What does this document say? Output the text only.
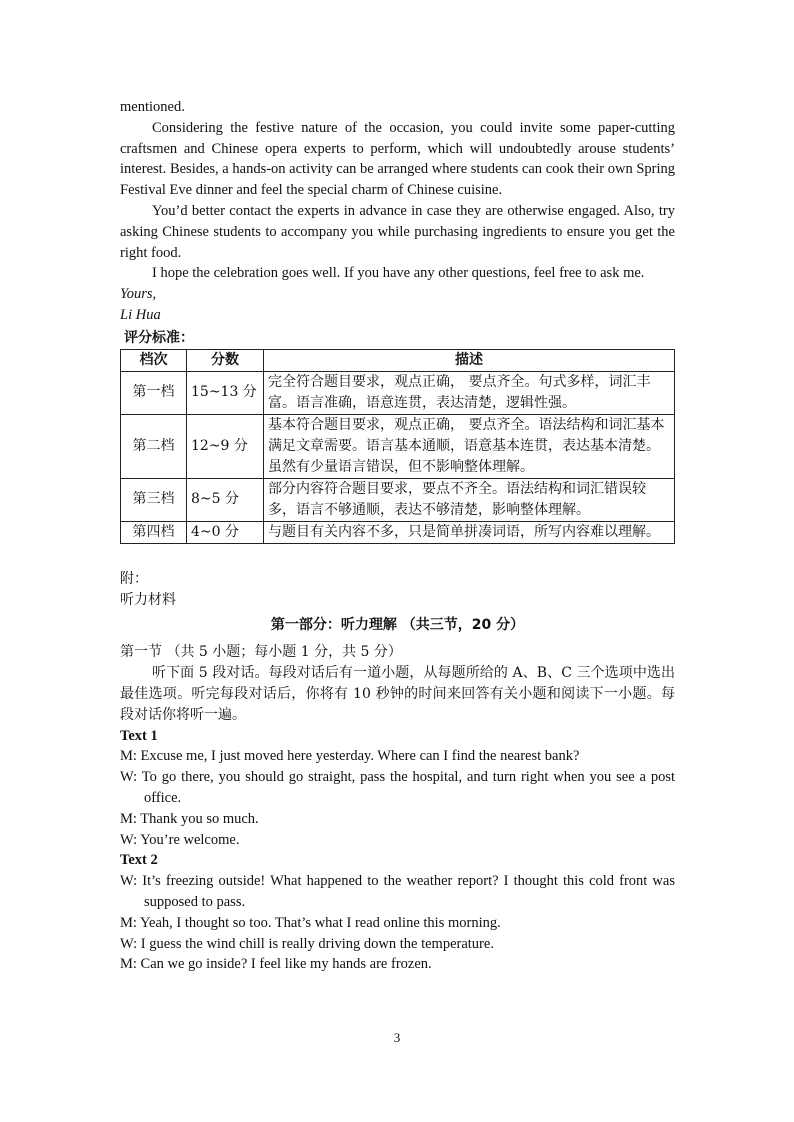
mentioned.

Considering the festive nature of the occasion, you could invite some paper-cutting craftsmen and Chinese opera experts to perform, which will undoubtedly arouse students’ interest. Besides, a hands-on activity can be arranged where students can cook their own Spring Festival Eve dinner and feel the special charm of Chinese cuisine.

You’d better contact the experts in advance in case they are otherwise engaged. Also, try asking Chinese students to accompany you while purchasing ingredients to ensure you get the right food.

I hope the celebration goes well. If you have any other questions, feel free to ask me.

Yours,

Li Hua

评分标准：
档次	分数	描述
第一档	15~13 分	完全符合题目要求，观点正确， 要点齐全。句式多样，词汇丰富。语言准确，语意连贯，表达清楚，逻辑性强。
第二档	12~9 分	基本符合题目要求，观点正确， 要点齐全。语法结构和词汇基本满足文章需要。语言基本通顺，语意基本连贯，表达基本清楚。虽然有少量语言错误，但不影响整体理解。
第三档	8~5 分	部分内容符合题目要求，要点不齐全。语法结构和词汇错误较多，语言不够通顺，表达不够清楚，影响整体理解。
第四档	4~0 分	与题目有关内容不多，只是简单拼凑词语，所写内容难以理解。

附：

听力材料

第一部分：听力理解 （共三节，20 分）

第一节 （共 5 小题；每小题 1 分，共 5 分）

听下面 5 段对话。每段对话后有一道小题，从每题所给的 A、B、C 三个选项中选出最佳选项。听完每段对话后，你将有 10 秒钟的时间来回答有关小题和阅读下一小题。每段对话你将听一遍。

Text 1

M: Excuse me, I just moved here yesterday. Where can I find the nearest bank?

W: To go there, you should go straight, pass the hospital, and turn right when you see a post office.

M: Thank you so much.

W: You’re welcome.

Text 2

W: It’s freezing outside! What happened to the weather report? I thought this cold front was supposed to pass.

M: Yeah, I thought so too. That’s what I read online this morning.

W: I guess the wind chill is really driving down the temperature.

M: Can we go inside? I feel like my hands are frozen.

3
